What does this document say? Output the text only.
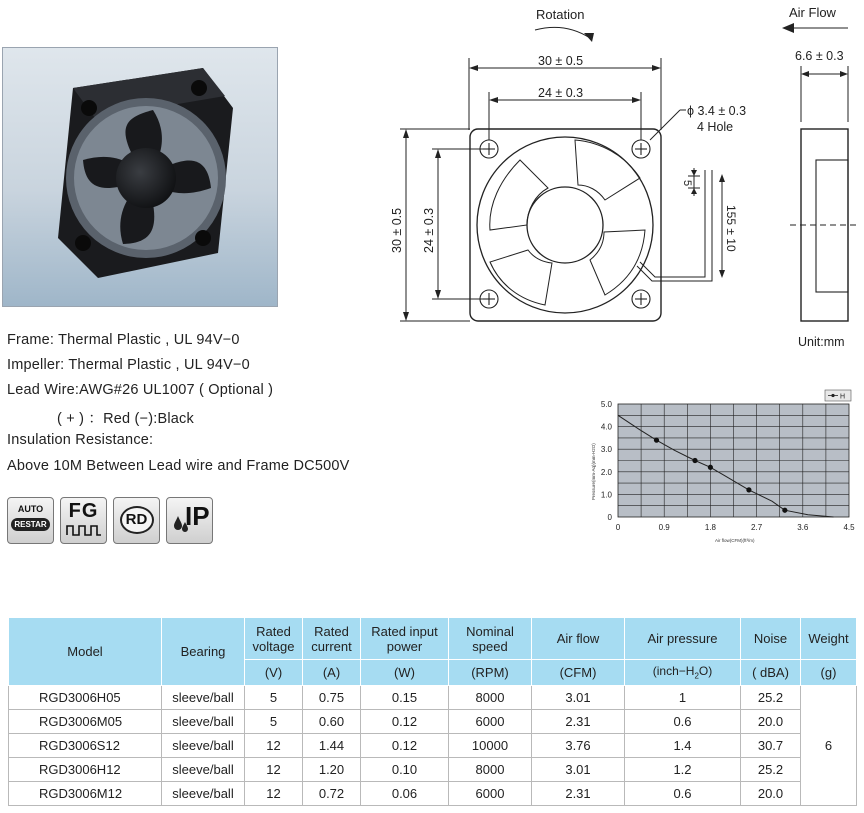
Frame: Thermal Plastic , UL 94V−0
Impeller: Thermal Plastic , UL 94V−0
Lead Wire:AWG#26 UL1007 ( Optional )
( + ) ：Red (−):Black
Insulation Resistance:
Above 10M Between Lead wire and Frame DC500V
AUTO
RESTAR
FG	RD IP
Rotation	Air Flow
30 ± 0.5
24 ± 0.3
30 ± 0.5 24 ± 0.3
ϕ 3.4 ± 0.3
4 Hole
5
155 ± 10
6.6 ± 0.3
Unit:mm
0	0.9	1.8	2.7	3.6	4.5
0
1.0
2.0
3.0
4.0
5.0
H
Pressure(mm-Aq)(mm-H2O)
Air flow(CFM)(ft³/m)
Model	Bearing	Rated voltage	Rated current	Rated input power	Nominal speed	Air flow	Air pressure	Noise	Weight
		(V)	(A)	(W)	(RPM)	(CFM)	$(inch-H_2O)$	( dBA)	(g)
RGD3006H05	sleeve/ball	5	0.75	0.15	8000	3.01	1	25.2	6
RGD3006M05	sleeve/ball	5	0.60	0.12	6000	2.31	0.6	20.0	
RGD3006S12	sleeve/ball	12	1.44	0.12	10000	3.76	1.4	30.7	
RGD3006H12	sleeve/ball	12	1.20	0.10	8000	3.01	1.2	25.2	
RGD3006M12	sleeve/ball	12	0.72	0.06	6000	2.31	0.6	20.0	
